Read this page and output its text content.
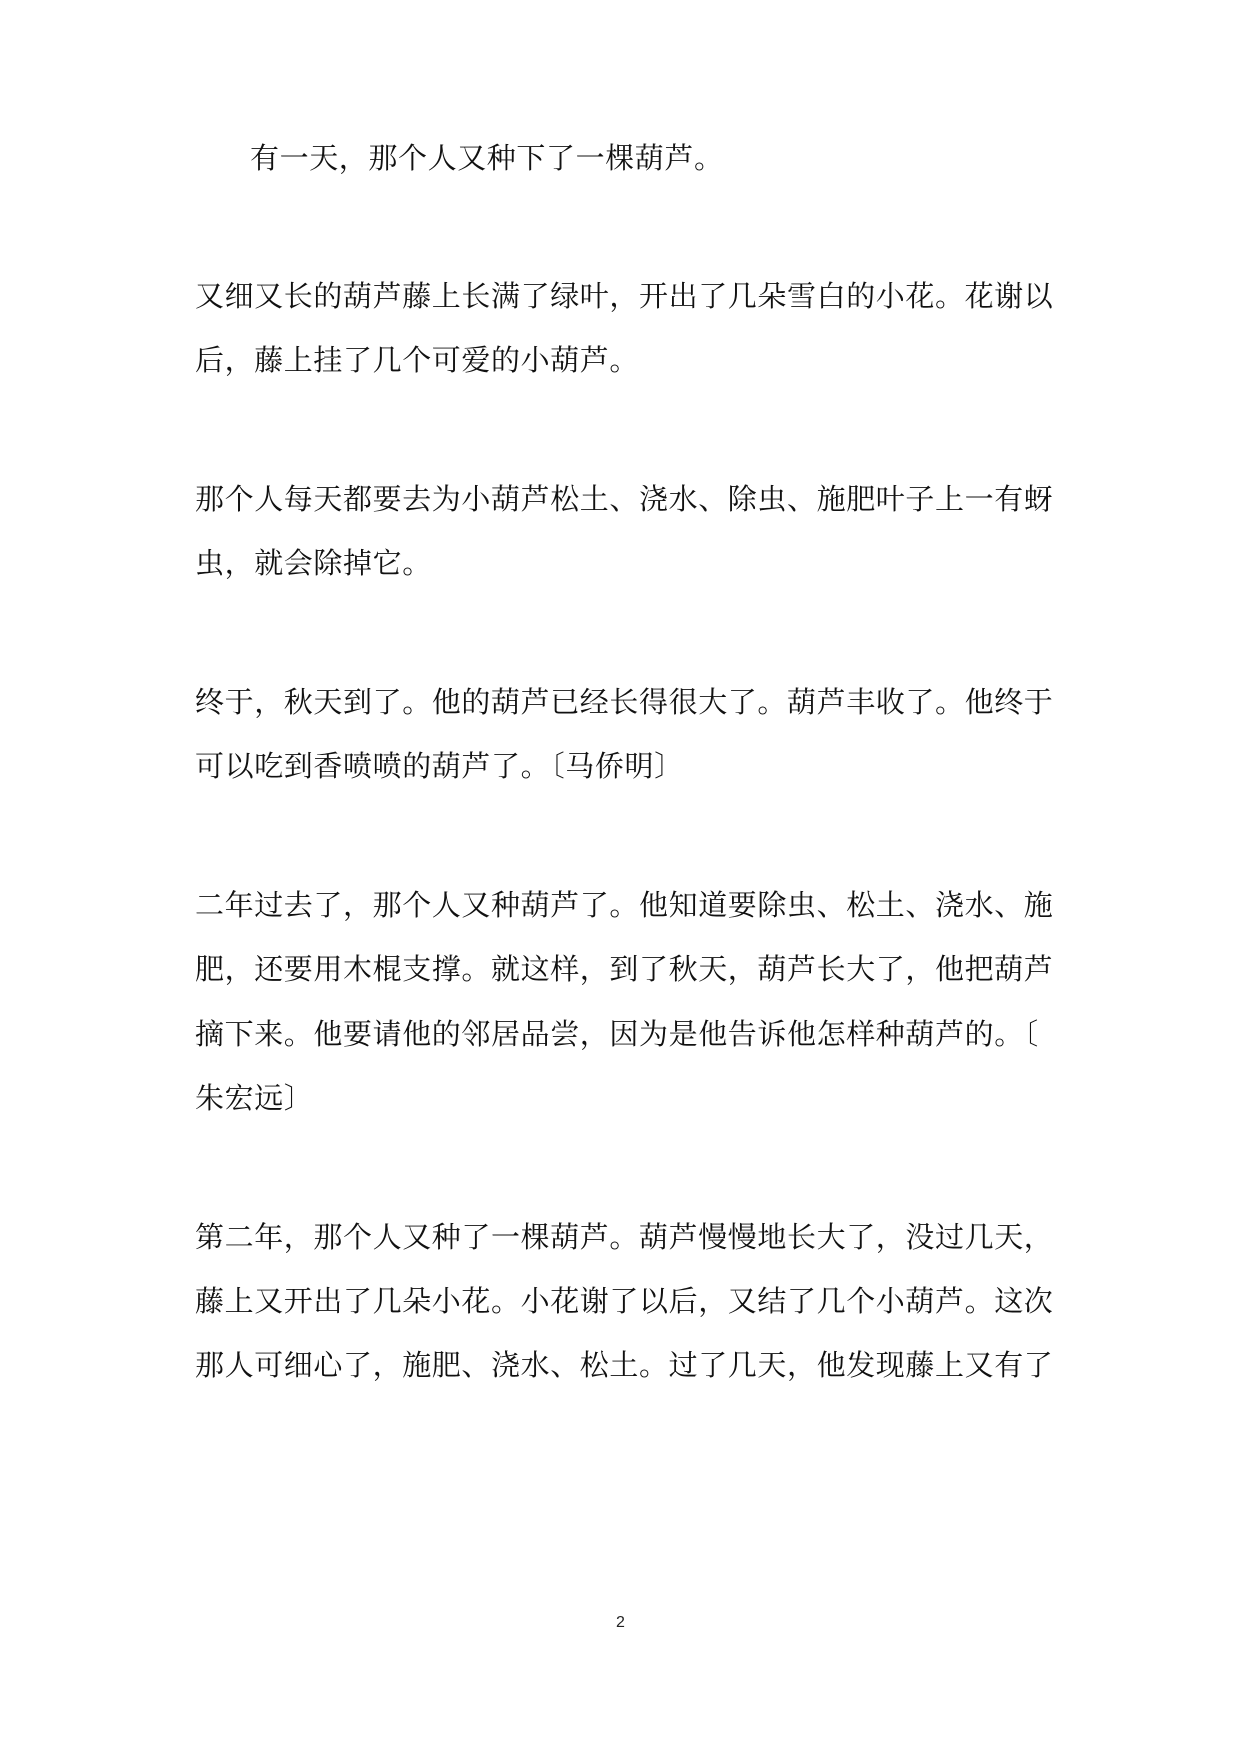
有一天，那个人又种下了一棵葫芦。
又细又长的葫芦藤上长满了绿叶，开出了几朵雪白的小花。花谢以
后，藤上挂了几个可爱的小葫芦。
那个人每天都要去为小葫芦松土、浇水、除虫、施肥叶子上一有蚜
虫，就会除掉它。
终于，秋天到了。他的葫芦已经长得很大了。葫芦丰收了。他终于
可以吃到香喷喷的葫芦了。〔马侨明〕
二年过去了，那个人又种葫芦了。他知道要除虫、松土、浇水、施
肥，还要用木棍支撑。就这样，到了秋天，葫芦长大了，他把葫芦
摘下来。他要请他的邻居品尝，因为是他告诉他怎样种葫芦的。〔
朱宏远〕
第二年，那个人又种了一棵葫芦。葫芦慢慢地长大了，没过几天，
藤上又开出了几朵小花。小花谢了以后，又结了几个小葫芦。这次
那人可细心了，施肥、浇水、松土。过了几天，他发现藤上又有了
2
